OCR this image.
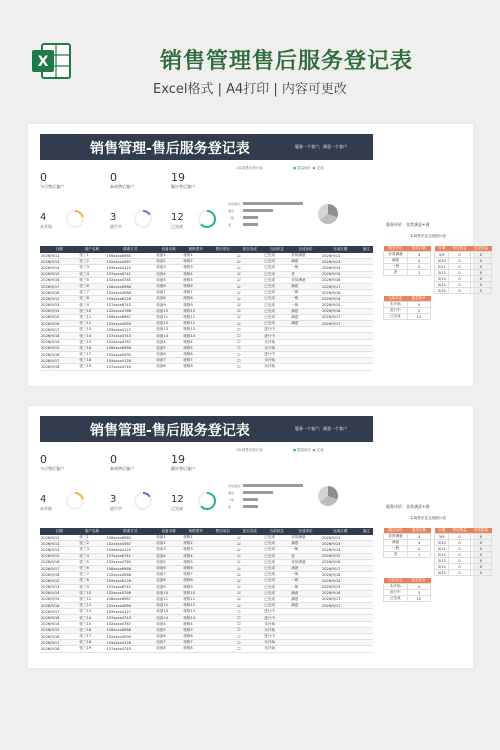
X	销售管理售后服务登记表
Excel格式 | A4打印 | 内容可更改
销售管理-售后服务登记表	服务一个客户，满意一个客户
0
今日售后客户
0
本周售后客户
19
累计售后客户
4
未开始
3
进行中
12
已完成
1本周售后统计表	● 数量统计 ● 完成
非常满意
满意
一般
差	服务评价：非常满意+满
本周售后及完成统计表
日期	客户名称	联系方式	设备名称	规格型号	售后项目	是否完成	当前状态	完成评价	完成日期	备注
2026/9/12	张三1	158xxxx6985	设备1	规格1		☑	已完成	非常满意	2026/9/12	
2026/9/13	张三2	132xxxx4587	设备2	规格2		☑	已完成	满意	2026/9/13	
2026/9/14	张三3	159xxxx4125	设备3	规格3		☑	已完成	一般	2026/9/14	
2026/9/15	张三4	137xxxx6741	设备4	规格4		☑	已完成	差	2026/9/15	
2026/9/16	张三5	132xxxx4785	设备5	规格5		☑	已完成	非常满意	2026/9/16	
2026/9/17	张三6	158xxxx6986	设备6	规格6		☑	已完成	满意	2026/9/17	
2026/9/18	张三7	132xxxx4588	设备7	规格7		☑	已完成	一般	2026/9/18	
2026/9/12	张三8	159xxxx6126	设备8	规格8		☑	已完成	一般	2026/9/14	
2026/9/13	张三9	137xxxx6742	设备9	规格9		☑	已完成	一般	2026/9/15	
2026/9/14	张三10	132xxxx4786	设备10	规格10		☑	已完成	满意	2026/9/16	
2026/9/15	张三11	158xxxx6987	设备11	规格11		☑	已完成	满意	2026/9/17	
2026/9/16	张三12	132xxxx4589	设备12	规格12		☑	已完成	满意	2026/9/17	
2026/9/17	张三13	159xxxx4127	设备13	规格13		☐	进行中			
2026/9/18	张三14	137xxxx4743	设备14	规格14		☐	进行中			
2026/9/14	张三15	132xxxx4787	设备4	规格4		☐	未开始			
2026/9/15	张三16	158xxxx6988	设备5	规格5		☐	未开始			
2026/9/16	张三17	132xxxx4590	设备6	规格6		☐	进行中			
2026/9/17	张三18	159xxxx4128	设备7	规格7		☐	未开始			
2026/9/18	张三19	137xxxx4744	设备8	规格8		☐	未开始			
服务评价	服务次数
非常满意	4
满意	4
一般	2
差	1
当前状态	数量统计
未开始	4
进行中	3
已完成	12
日期	售后数量	完成数量
3/9	0	0
3/10	0	0
3/11	0	0
3/12	0	0
3/13	0	0
3/14	0	0
3/15	0	0
销售管理-售后服务登记表	服务一个客户，满意一个客户
0
今日售后客户
0
本周售后客户
19
累计售后客户
4
未开始
3
进行中
12
已完成
1本周售后统计表	● 数量统计 ● 完成
非常满意
满意
一般
差	服务评价：非常满意+满
本周售后及完成统计表
日期	客户名称	联系方式	设备名称	规格型号	售后项目	是否完成	当前状态	完成评价	完成日期	备注
2026/9/12	张三1	158xxxx6985	设备1	规格1		☑	已完成	非常满意	2026/9/12	
2026/9/13	张三2	132xxxx4587	设备2	规格2		☑	已完成	满意	2026/9/13	
2026/9/14	张三3	159xxxx4125	设备3	规格3		☑	已完成	一般	2026/9/14	
2026/9/15	张三4	137xxxx6741	设备4	规格4		☑	已完成	差	2026/9/15	
2026/9/16	张三5	132xxxx4785	设备5	规格5		☑	已完成	非常满意	2026/9/16	
2026/9/17	张三6	158xxxx6986	设备6	规格6		☑	已完成	满意	2026/9/17	
2026/9/18	张三7	132xxxx4588	设备7	规格7		☑	已完成	一般	2026/9/18	
2026/9/12	张三8	159xxxx6126	设备8	规格8		☑	已完成	一般	2026/9/14	
2026/9/13	张三9	137xxxx6742	设备9	规格9		☑	已完成	一般	2026/9/15	
2026/9/14	张三10	132xxxx4786	设备10	规格10		☑	已完成	满意	2026/9/16	
2026/9/15	张三11	158xxxx6987	设备11	规格11		☑	已完成	满意	2026/9/17	
2026/9/16	张三12	132xxxx4589	设备12	规格12		☑	已完成	满意	2026/9/17	
2026/9/17	张三13	159xxxx4127	设备13	规格13		☐	进行中			
2026/9/18	张三14	137xxxx4743	设备14	规格14		☐	进行中			
2026/9/14	张三15	132xxxx4787	设备4	规格4		☐	未开始			
2026/9/15	张三16	158xxxx6988	设备5	规格5		☐	未开始			
2026/9/16	张三17	132xxxx4590	设备6	规格6		☐	进行中			
2026/9/17	张三18	159xxxx4128	设备7	规格7		☐	未开始			
2026/9/18	张三19	137xxxx4744	设备8	规格8		☐	未开始			
服务评价	服务次数
非常满意	4
满意	4
一般	2
差	1
当前状态	数量统计
未开始	4
进行中	3
已完成	12
日期	售后数量	完成数量
3/9	0	0
3/10	0	0
3/11	0	0
3/12	0	0
3/13	0	0
3/14	0	0
3/15	0	0
